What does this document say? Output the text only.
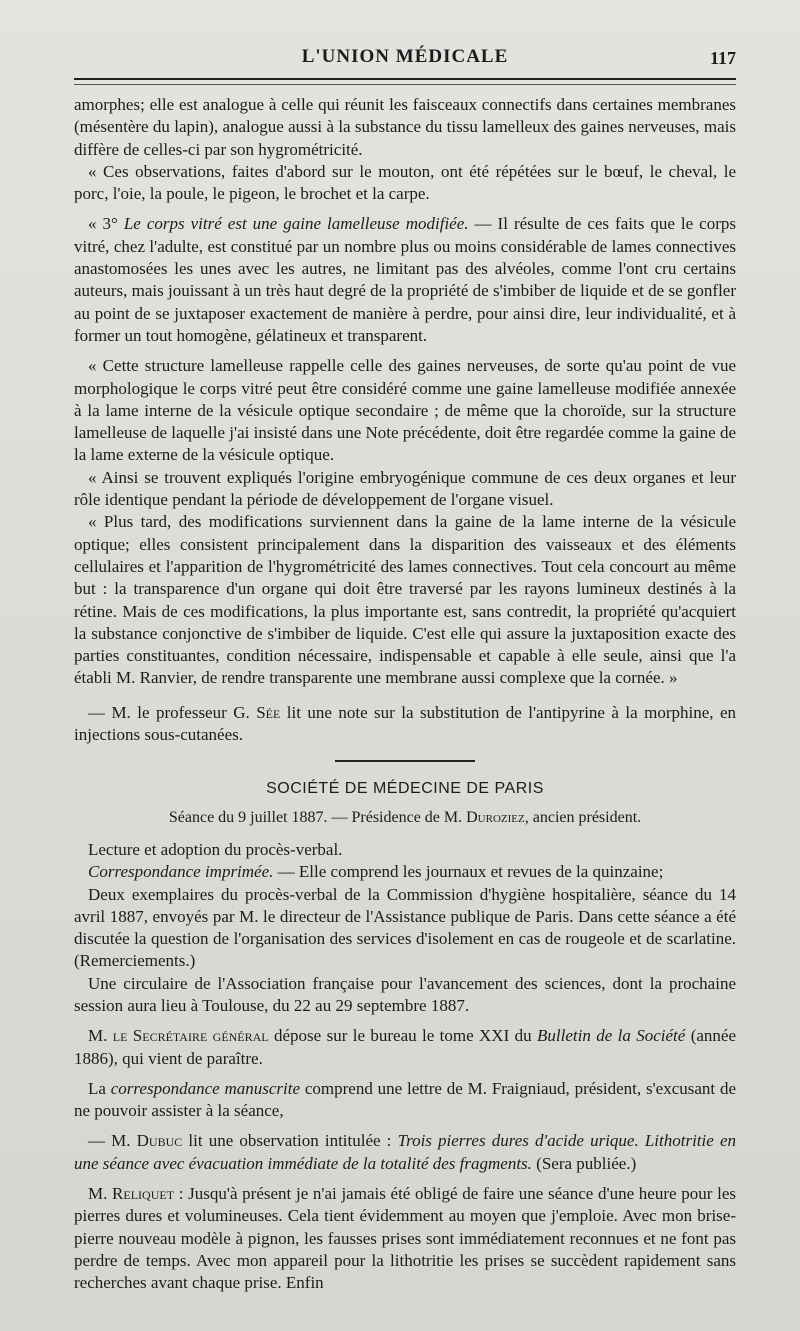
L'UNION MÉDICALE	117

amorphes; elle est analogue à celle qui réunit les faisceaux connectifs dans certaines membranes (mésentère du lapin), analogue aussi à la substance du tissu lamelleux des gaines nerveuses, mais diffère de celles-ci par son hygrométricité.

« Ces observations, faites d'abord sur le mouton, ont été répétées sur le bœuf, le cheval, le porc, l'oie, la poule, le pigeon, le brochet et la carpe.

« 3° Le corps vitré est une gaine lamelleuse modifiée. — Il résulte de ces faits que le corps vitré, chez l'adulte, est constitué par un nombre plus ou moins considérable de lames connectives anastomosées les unes avec les autres, ne limitant pas des alvéoles, comme l'ont cru certains auteurs, mais jouissant à un très haut degré de la propriété de s'imbiber de liquide et de se gonfler au point de se juxtaposer exactement de manière à perdre, pour ainsi dire, leur individualité, et à former un tout homogène, gélatineux et transparent.

« Cette structure lamelleuse rappelle celle des gaines nerveuses, de sorte qu'au point de vue morphologique le corps vitré peut être considéré comme une gaine lamelleuse modifiée annexée à la lame interne de la vésicule optique secondaire ; de même que la choroïde, sur la structure lamelleuse de laquelle j'ai insisté dans une Note précédente, doit être regardée comme la gaine de la lame externe de la vésicule optique.

« Ainsi se trouvent expliqués l'origine embryogénique commune de ces deux organes et leur rôle identique pendant la période de développement de l'organe visuel.

« Plus tard, des modifications surviennent dans la gaine de la lame interne de la vésicule optique; elles consistent principalement dans la disparition des vaisseaux et des éléments cellulaires et l'apparition de l'hygrométricité des lames connectives. Tout cela concourt au même but : la transparence d'un organe qui doit être traversé par les rayons lumineux destinés à la rétine. Mais de ces modifications, la plus importante est, sans contredit, la propriété qu'acquiert la substance conjonctive de s'imbiber de liquide. C'est elle qui assure la juxtaposition exacte des parties constituantes, condition nécessaire, indispensable et capable à elle seule, ainsi que l'a établi M. Ranvier, de rendre transparente une membrane aussi complexe que la cornée. »

— M. le professeur G. Sée lit une note sur la substitution de l'antipyrine à la morphine, en injections sous-cutanées.

SOCIÉTÉ DE MÉDECINE DE PARIS
Séance du 9 juillet 1887. — Présidence de M. Duroziez, ancien président.

Lecture et adoption du procès-verbal.

Correspondance imprimée. — Elle comprend les journaux et revues de la quinzaine;

Deux exemplaires du procès-verbal de la Commission d'hygiène hospitalière, séance du 14 avril 1887, envoyés par M. le directeur de l'Assistance publique de Paris. Dans cette séance a été discutée la question de l'organisation des services d'isolement en cas de rougeole et de scarlatine. (Remerciements.)

Une circulaire de l'Association française pour l'avancement des sciences, dont la prochaine session aura lieu à Toulouse, du 22 au 29 septembre 1887.

M. le Secrétaire général dépose sur le bureau le tome XXI du Bulletin de la Société (année 1886), qui vient de paraître.

La correspondance manuscrite comprend une lettre de M. Fraigniaud, président, s'excusant de ne pouvoir assister à la séance,

— M. Dubuc lit une observation intitulée : Trois pierres dures d'acide urique. Lithotritie en une séance avec évacuation immédiate de la totalité des fragments. (Sera publiée.)

M. Reliquet : Jusqu'à présent je n'ai jamais été obligé de faire une séance d'une heure pour les pierres dures et volumineuses. Cela tient évidemment au moyen que j'emploie. Avec mon brise-pierre nouveau modèle à pignon, les fausses prises sont immédiatement reconnues et ne font pas perdre de temps. Avec mon appareil pour la lithotritie les prises se succèdent rapidement sans recherches avant chaque prise. Enfin
